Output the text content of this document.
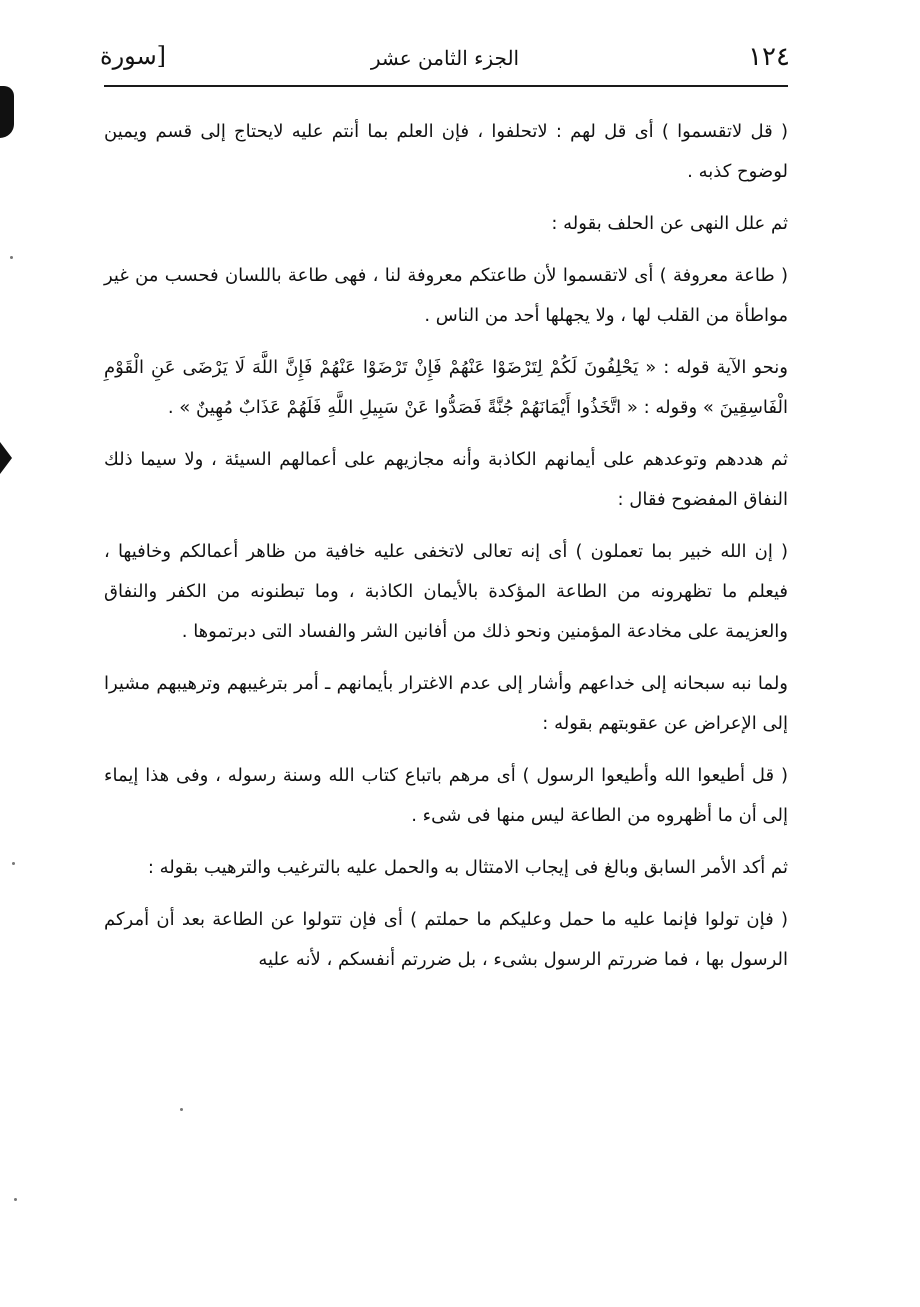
١٢٤
الجزء الثامن عشر
[سورة

( قل لاتقسموا ) أى قل لهم : لاتحلفوا ، فإن العلم بما أنتم عليه لايحتاج إلى قسم ويمين لوضوح كذبه .

ثم علل النهى عن الحلف بقوله :

( طاعة معروفة ) أى لاتقسموا لأن طاعتكم معروفة لنا ، فهى طاعة باللسان فحسب من غير مواطأة من القلب لها ، ولا يجهلها أحد من الناس .

ونحو الآية قوله : « يَحْلِفُونَ لَكُمْ لِتَرْضَوْا عَنْهُمْ فَإِنْ تَرْضَوْا عَنْهُمْ فَإِنَّ اللَّهَ لَا يَرْضَى عَنِ الْقَوْمِ الْفَاسِقِينَ » وقوله : « اتَّخَذُوا أَيْمَانَهُمْ جُنَّةً فَصَدُّوا عَنْ سَبِيلِ اللَّهِ فَلَهُمْ عَذَابٌ مُهِينٌ » .

ثم هددهم وتوعدهم على أيمانهم الكاذبة وأنه مجازيهم على أعمالهم السيئة ، ولا سيما ذلك النفاق المفضوح فقال :

( إن الله خبير بما تعملون ) أى إنه تعالى لاتخفى عليه خافية من ظاهر أعمالكم وخافيها ، فيعلم ما تظهرونه من الطاعة المؤكدة بالأيمان الكاذبة ، وما تبطنونه من الكفر والنفاق والعزيمة على مخادعة المؤمنين ونحو ذلك من أفانين الشر والفساد التى دبرتموها .

ولما نبه سبحانه إلى خداعهم وأشار إلى عدم الاغترار بأيمانهم ـ أمر بترغيبهم وترهيبهم مشيرا إلى الإعراض عن عقوبتهم بقوله :

( قل أطيعوا الله وأطيعوا الرسول ) أى مرهم باتباع كتاب الله وسنة رسوله ، وفى هذا إيماء إلى أن ما أظهروه من الطاعة ليس منها فى شىء .

ثم أكد الأمر السابق وبالغ فى إيجاب الامتثال به والحمل عليه بالترغيب والترهيب بقوله :

( فإن تولوا فإنما عليه ما حمل وعليكم ما حملتم ) أى فإن تتولوا عن الطاعة بعد أن أمركم الرسول بها ، فما ضررتم الرسول بشىء ، بل ضررتم أنفسكم ، لأنه عليه
